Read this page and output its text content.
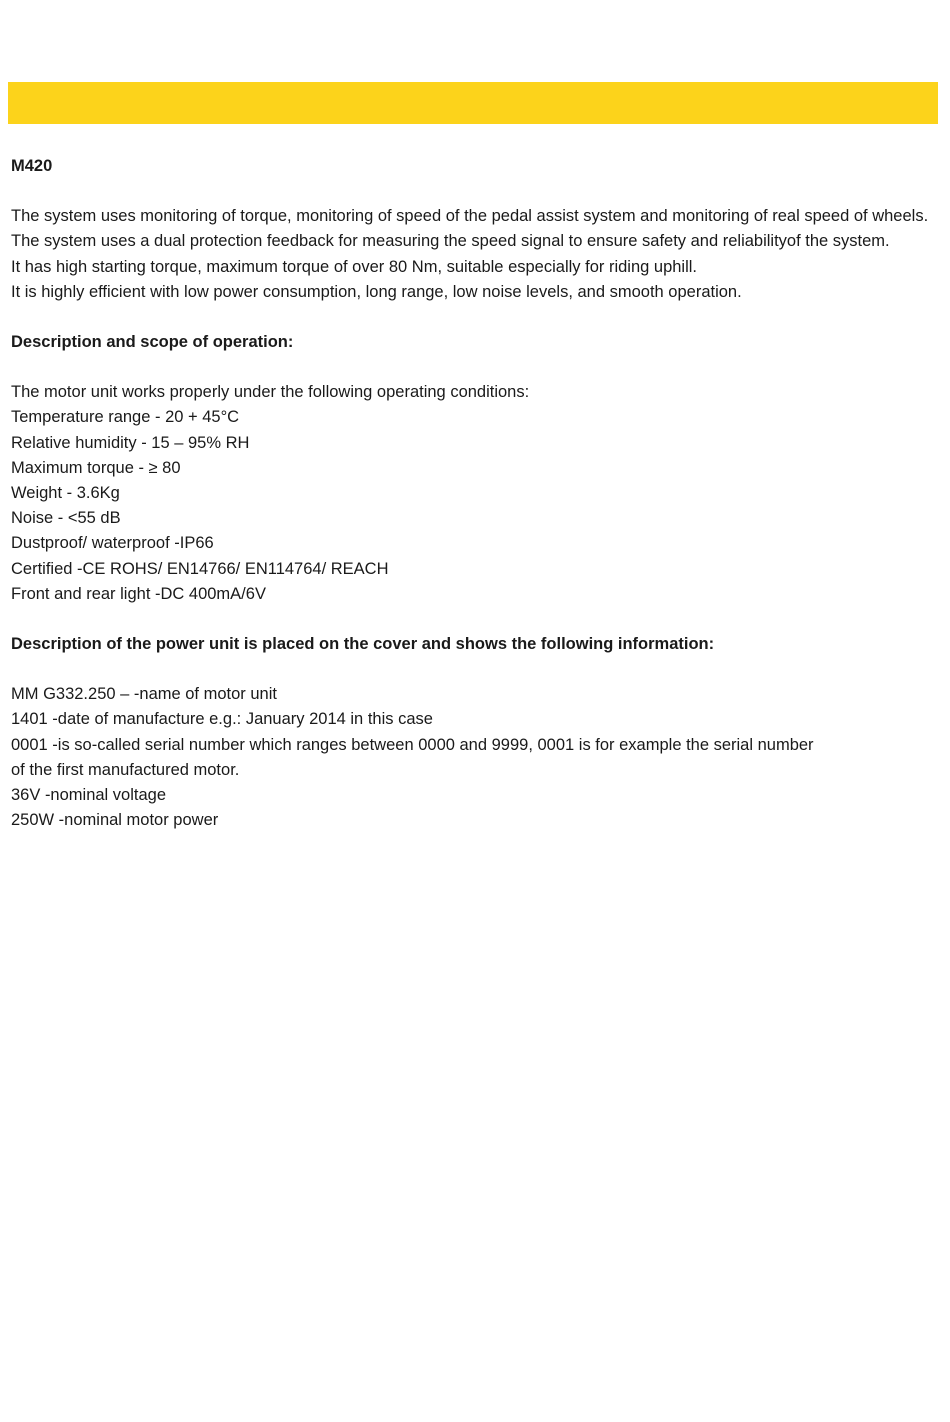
M420

The system uses monitoring of torque, monitoring of speed of the pedal assist system and monitoring of real speed of wheels.

The system uses a dual protection feedback for measuring the speed signal to ensure safety and reliabilityof the system.

It has high starting torque, maximum torque of over 80 Nm, suitable especially for riding uphill.

It is highly efficient with low power consumption, long range, low noise levels, and smooth operation.

Description and scope of operation:
The motor unit works properly under the following operating conditions:
Temperature range - 20 + 45°C
Relative humidity - 15 – 95% RH
Maximum torque - ≥ 80
Weight - 3.6Kg
Noise - <55 dB
Dustproof/ waterproof -IP66
Certified -CE ROHS/ EN14766/ EN114764/ REACH
Front and rear light -DC 400mA/6V
Description of the power unit is placed on the cover and shows the following information:
MM G332.250 – -name of motor unit
1401 -date of manufacture e.g.: January 2014 in this case
0001 -is so-called serial number which ranges between 0000 and 9999, 0001 is for example the serial number
of the first manufactured motor.
36V -nominal voltage
250W -nominal motor power
